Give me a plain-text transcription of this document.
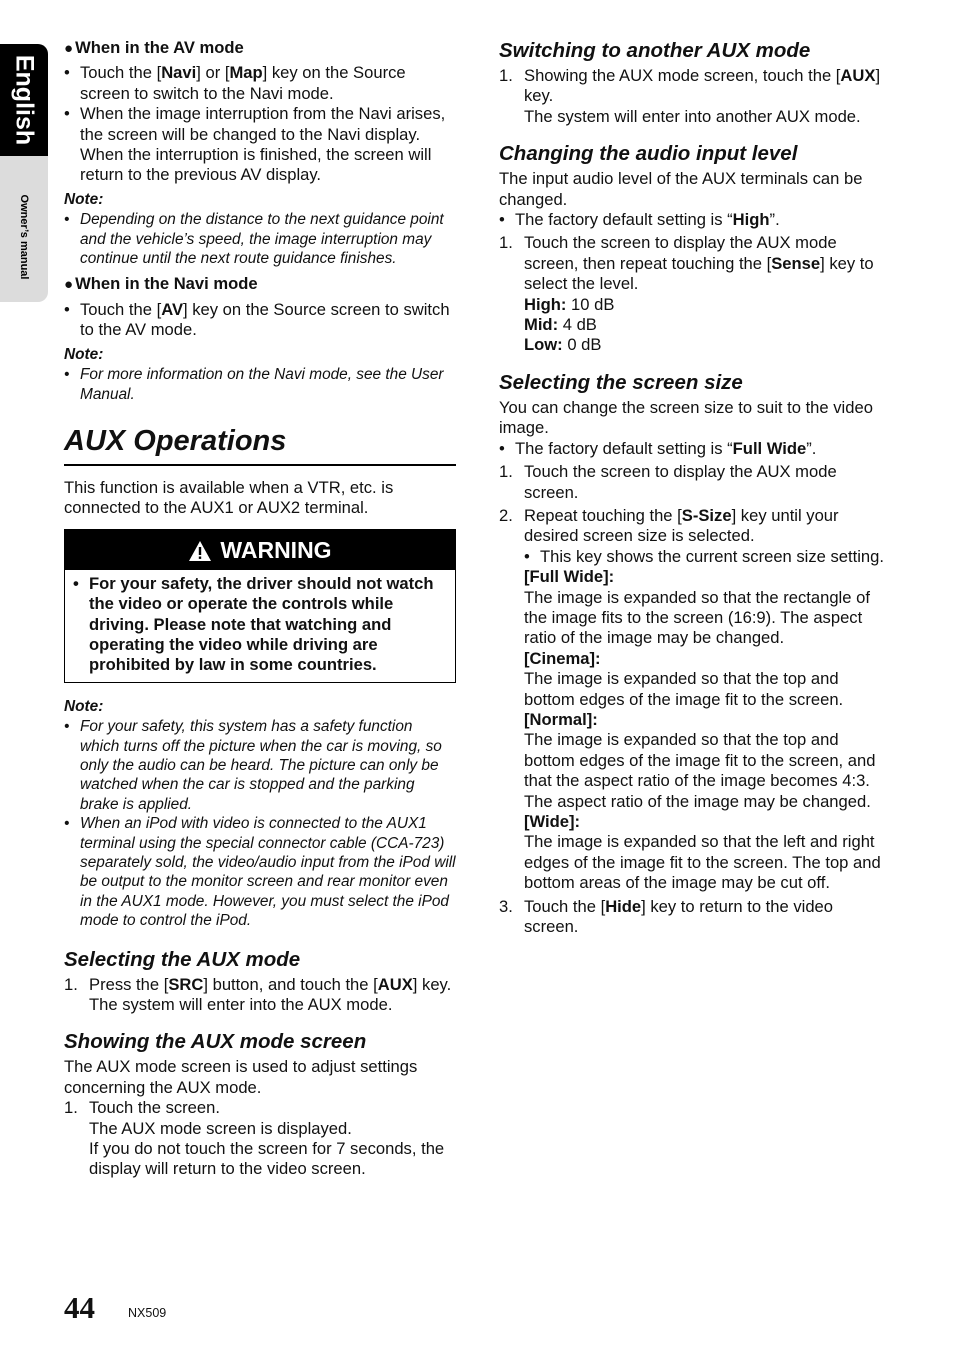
English
Owner’s manual
● When in the AV mode
• Touch the [Navi] or [Map] key on the Source screen to switch to the Navi mode.
• When the image interruption from the Navi arises, the screen will be changed to the Navi display. When the interruption is finished, the screen will return to the previous AV display.
Note:
• Depending on the distance to the next guidance point and the vehicle’s speed, the image interruption may continue until the next route guidance finishes.
● When in the Navi mode
• Touch the [AV] key on the Source screen to switch to the AV mode.
Note:
• For more information on the Navi mode, see the User Manual.
AUX Operations

This function is available when a VTR, etc. is connected to the AUX1 or AUX2 terminal.

WARNING
• For your safety, the driver should not watch the video or operate the controls while driving. Please note that watching and operating the video while driving are prohibited by law in some countries.
Note:
• For your safety, this system has a safety function which turns off the picture when the car is moving, so only the audio can be heard. The picture can only be watched when the car is stopped and the parking brake is applied.
• When an iPod with video is connected to the AUX1 terminal using the special connector cable (CCA-723) separately sold, the video/audio input from the iPod will be output to the monitor screen and rear monitor even in the AUX1 mode. However, you must select the iPod mode to control the iPod.
Selecting the AUX mode
1. Press the [SRC] button, and touch the [AUX] key. The system will enter into the AUX mode.
Showing the AUX mode screen

The AUX mode screen is used to adjust settings concerning the AUX mode.

1. Touch the screen.
The AUX mode screen is displayed.
If you do not touch the screen for 7 seconds, the display will return to the video screen.
Switching to another AUX mode
1. Showing the AUX mode screen, touch the [AUX] key.
The system will enter into another AUX mode.
Changing the audio input level

The input audio level of the AUX terminals can be changed.

• The factory default setting is “High”.
1. Touch the screen to display the AUX mode screen, then repeat touching the [Sense] key to select the level.
High: 10 dB
Mid: 4 dB
Low: 0 dB
Selecting the screen size

You can change the screen size to suit to the video image.

• The factory default setting is “Full Wide”.
1. Touch the screen to display the AUX mode screen.
2. Repeat touching the [S-Size] key until your desired screen size is selected.
• This key shows the current screen size setting.
[Full Wide]:
The image is expanded so that the rectangle of the image fits to the screen (16:9). The aspect ratio of the image may be changed.
[Cinema]:
The image is expanded so that the top and bottom edges of the image fit to the screen.
[Normal]:
The image is expanded so that the top and bottom edges of the image fit to the screen, and that the aspect ratio of the image becomes 4:3. The aspect ratio of the image may be changed.
[Wide]:
The image is expanded so that the left and right edges of the image fit to the screen. The top and bottom areas of the image may be cut off.
3. Touch the [Hide] key to return to the video screen.
44	NX509
